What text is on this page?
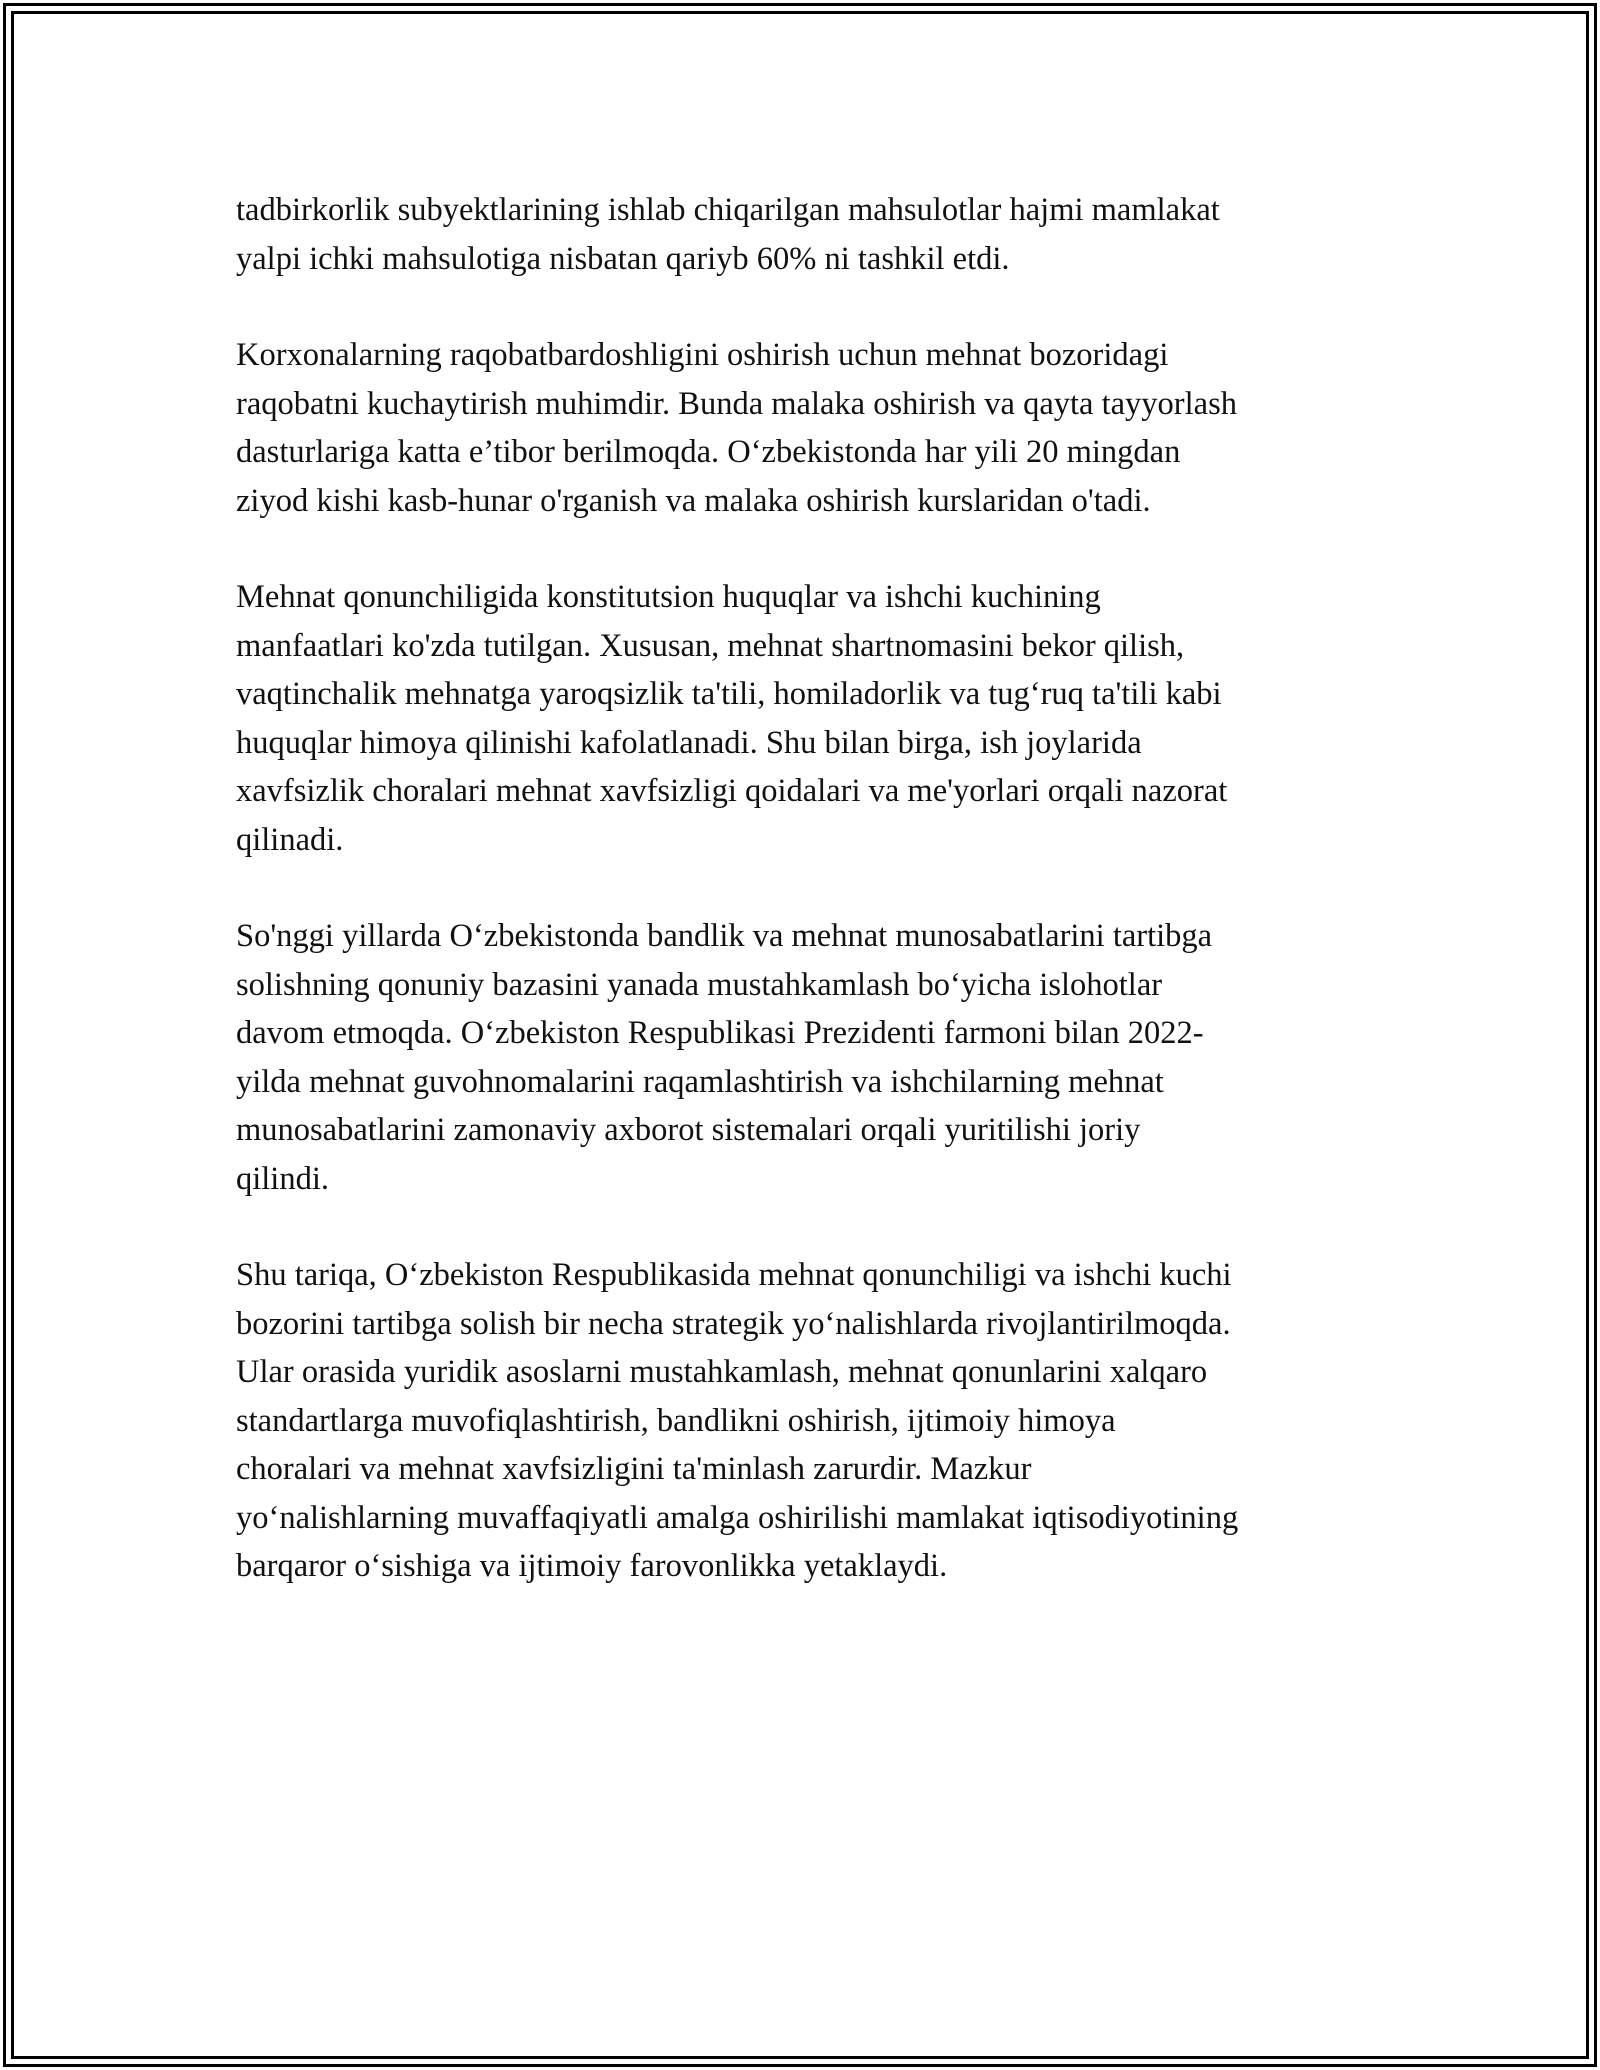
tadbirkorlik subyektlarining ishlab chiqarilgan mahsulotlar hajmi mamlakat
yalpi ichki mahsulotiga nisbatan qariyb 60% ni tashkil etdi.

Korxonalarning raqobatbardoshligini oshirish uchun mehnat bozoridagi
raqobatni kuchaytirish muhimdir. Bunda malaka oshirish va qayta tayyorlash
dasturlariga katta e’tibor berilmoqda. O‘zbekistonda har yili 20 mingdan
ziyod kishi kasb-hunar o'rganish va malaka oshirish kurslaridan o'tadi.

Mehnat qonunchiligida konstitutsion huquqlar va ishchi kuchining
manfaatlari ko'zda tutilgan. Xususan, mehnat shartnomasini bekor qilish,
vaqtinchalik mehnatga yaroqsizlik ta'tili, homiladorlik va tug‘ruq ta'tili kabi
huquqlar himoya qilinishi kafolatlanadi. Shu bilan birga, ish joylarida
xavfsizlik choralari mehnat xavfsizligi qoidalari va me'yorlari orqali nazorat
qilinadi.

So'nggi yillarda O‘zbekistonda bandlik va mehnat munosabatlarini tartibga
solishning qonuniy bazasini yanada mustahkamlash bo‘yicha islohotlar
davom etmoqda. O‘zbekiston Respublikasi Prezidenti farmoni bilan 2022-
yilda mehnat guvohnomalarini raqamlashtirish va ishchilarning mehnat
munosabatlarini zamonaviy axborot sistemalari orqali yuritilishi joriy
qilindi.

Shu tariqa, O‘zbekiston Respublikasida mehnat qonunchiligi va ishchi kuchi
bozorini tartibga solish bir necha strategik yo‘nalishlarda rivojlantirilmoqda.
Ular orasida yuridik asoslarni mustahkamlash, mehnat qonunlarini xalqaro
standartlarga muvofiqlashtirish, bandlikni oshirish, ijtimoiy himoya
choralari va mehnat xavfsizligini ta'minlash zarurdir. Mazkur
yo‘nalishlarning muvaffaqiyatli amalga oshirilishi mamlakat iqtisodiyotining
barqaror o‘sishiga va ijtimoiy farovonlikka yetaklaydi.
